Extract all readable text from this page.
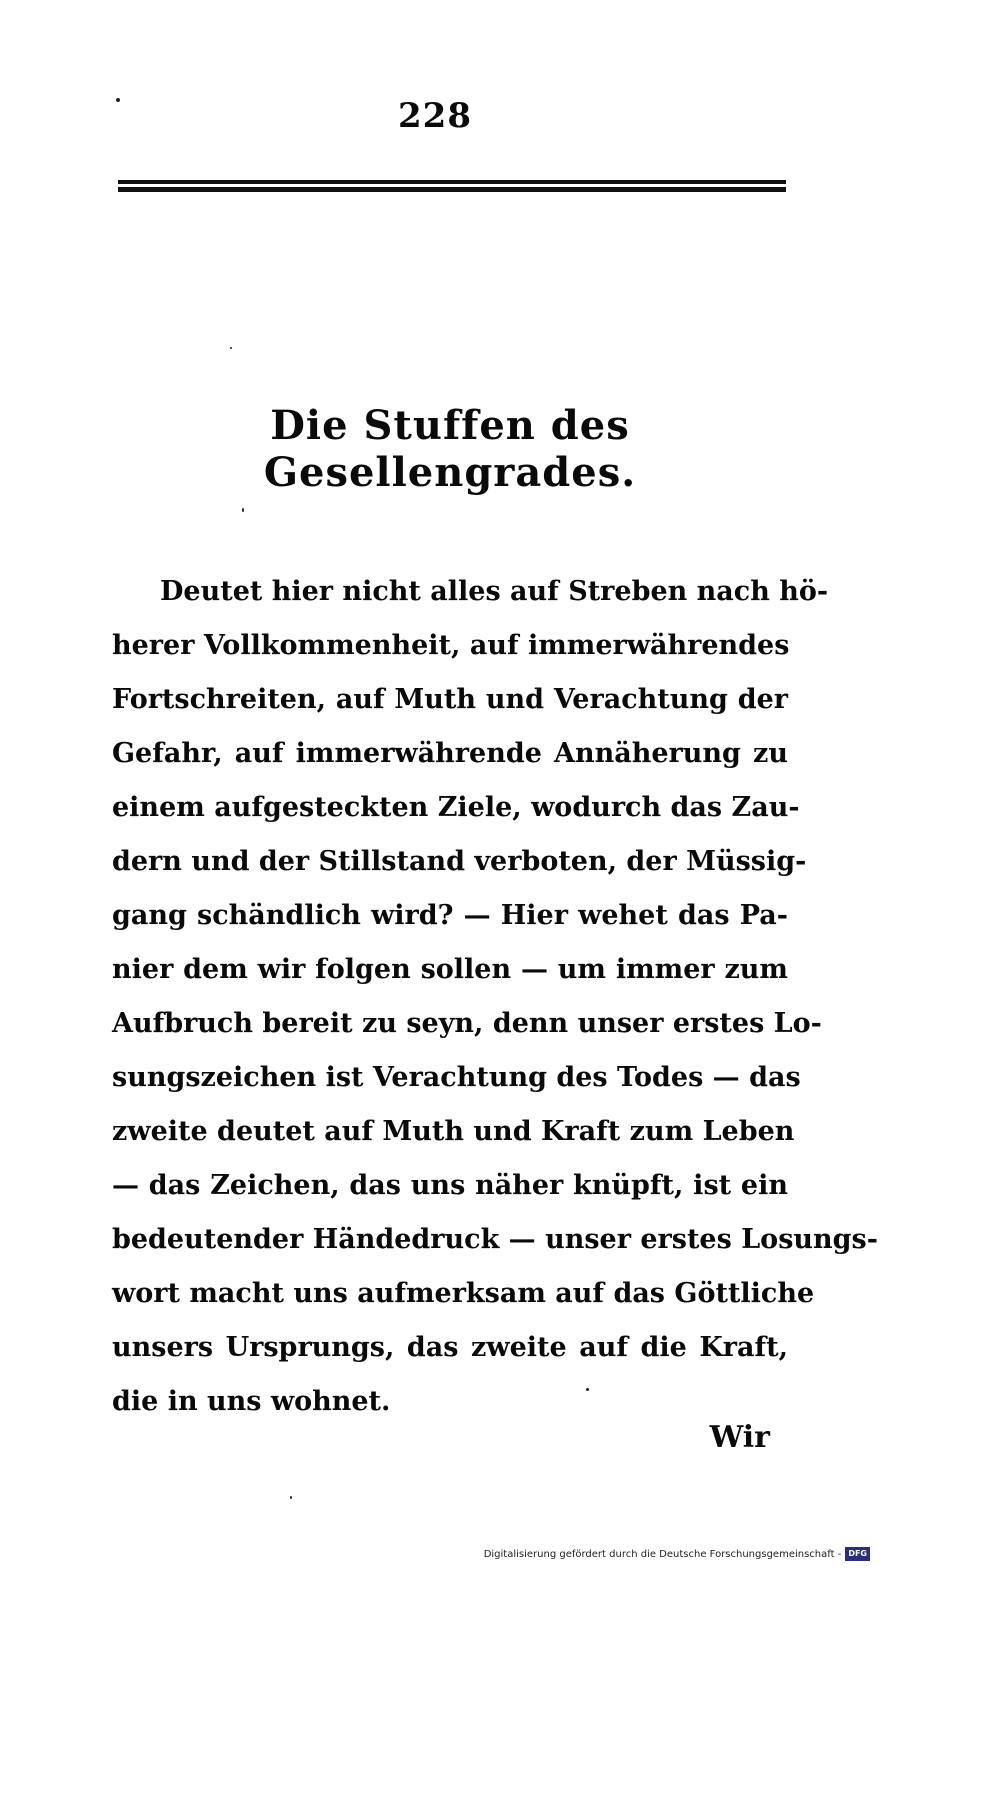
228
Die Stuffen des Gesellengrades.
Deutet hier nicht alles auf Streben nach hö-
herer Vollkommenheit, auf immerwährendes
Fortschreiten, auf Muth und Verachtung der
Gefahr, auf immerwährende Annäherung zu
einem aufgesteckten Ziele, wodurch das Zau-
dern und der Stillstand verboten, der Müssig-
gang schändlich wird? — Hier wehet das Pa-
nier dem wir folgen sollen — um immer zum
Aufbruch bereit zu seyn, denn unser erstes Lo-
sungszeichen ist Verachtung des Todes — das
zweite deutet auf Muth und Kraft zum Leben
— das Zeichen, das uns näher knüpft, ist ein
bedeutender Händedruck — unser erstes Losungs-
wort macht uns aufmerksam auf das Göttliche
unsers Ursprungs, das zweite auf die Kraft,
die in uns wohnet.
Wir
Digitalisierung gefördert durch die Deutsche Forschungsgemeinschaft - DFG
